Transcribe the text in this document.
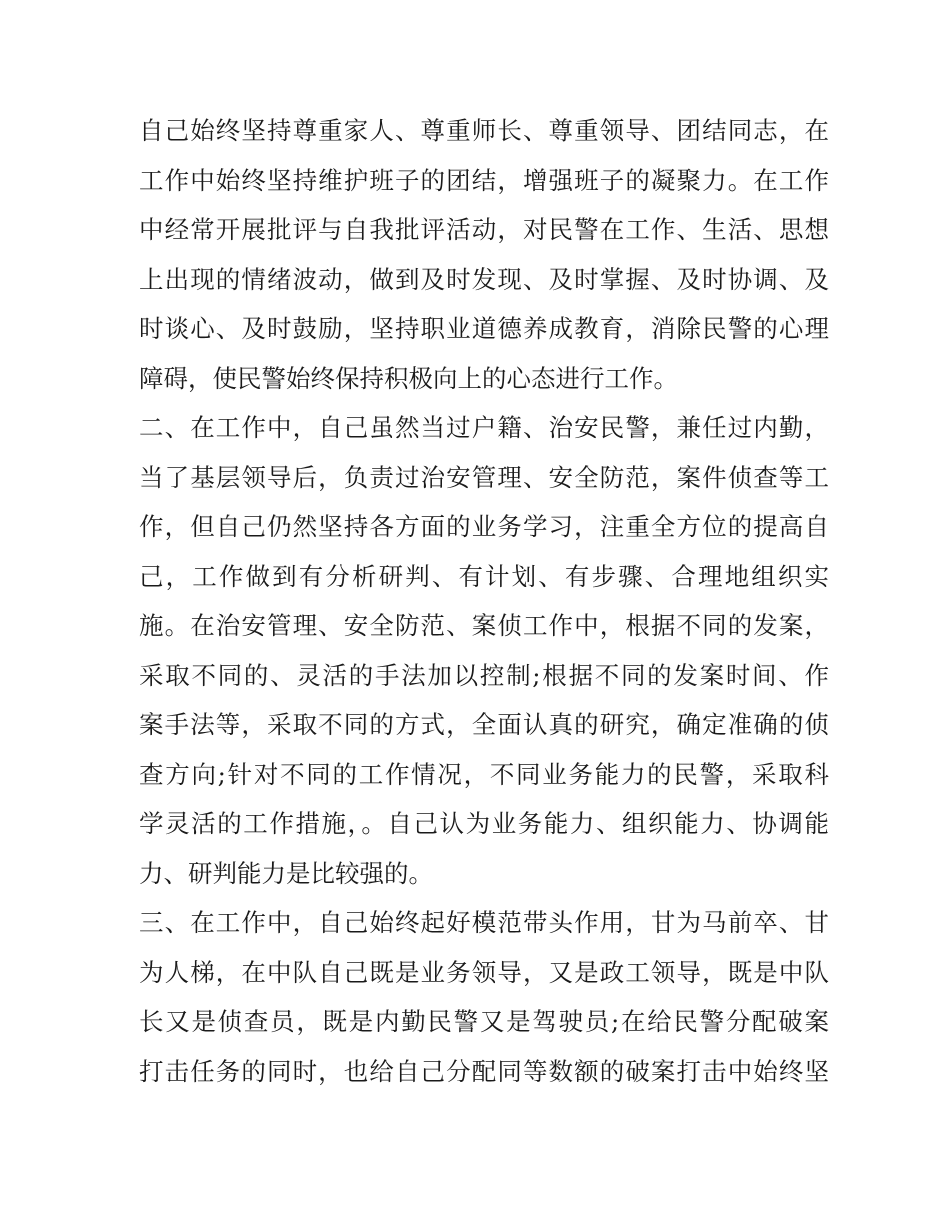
自己始终坚持尊重家人、尊重师长、尊重领导、团结同志，在
工作中始终坚持维护班子的团结，增强班子的凝聚力。在工作
中经常开展批评与自我批评活动，对民警在工作、生活、思想
上出现的情绪波动，做到及时发现、及时掌握、及时协调、及
时谈心、及时鼓励，坚持职业道德养成教育，消除民警的心理
障碍，使民警始终保持积极向上的心态进行工作。
二、在工作中，自己虽然当过户籍、治安民警，兼任过内勤，
当了基层领导后，负责过治安管理、安全防范，案件侦查等工
作，但自己仍然坚持各方面的业务学习，注重全方位的提高自
己，工作做到有分析研判、有计划、有步骤、合理地组织实
施。在治安管理、安全防范、案侦工作中，根据不同的发案，
采取不同的、灵活的手法加以控制;根据不同的发案时间、作
案手法等，采取不同的方式，全面认真的研究，确定准确的侦
查方向;针对不同的工作情况，不同业务能力的民警，采取科
学灵活的工作措施，。自己认为业务能力、组织能力、协调能
力、研判能力是比较强的。
三、在工作中，自己始终起好模范带头作用，甘为马前卒、甘
为人梯，在中队自己既是业务领导，又是政工领导，既是中队
长又是侦查员，既是内勤民警又是驾驶员;在给民警分配破案
打击任务的同时，也给自己分配同等数额的破案打击中始终坚
